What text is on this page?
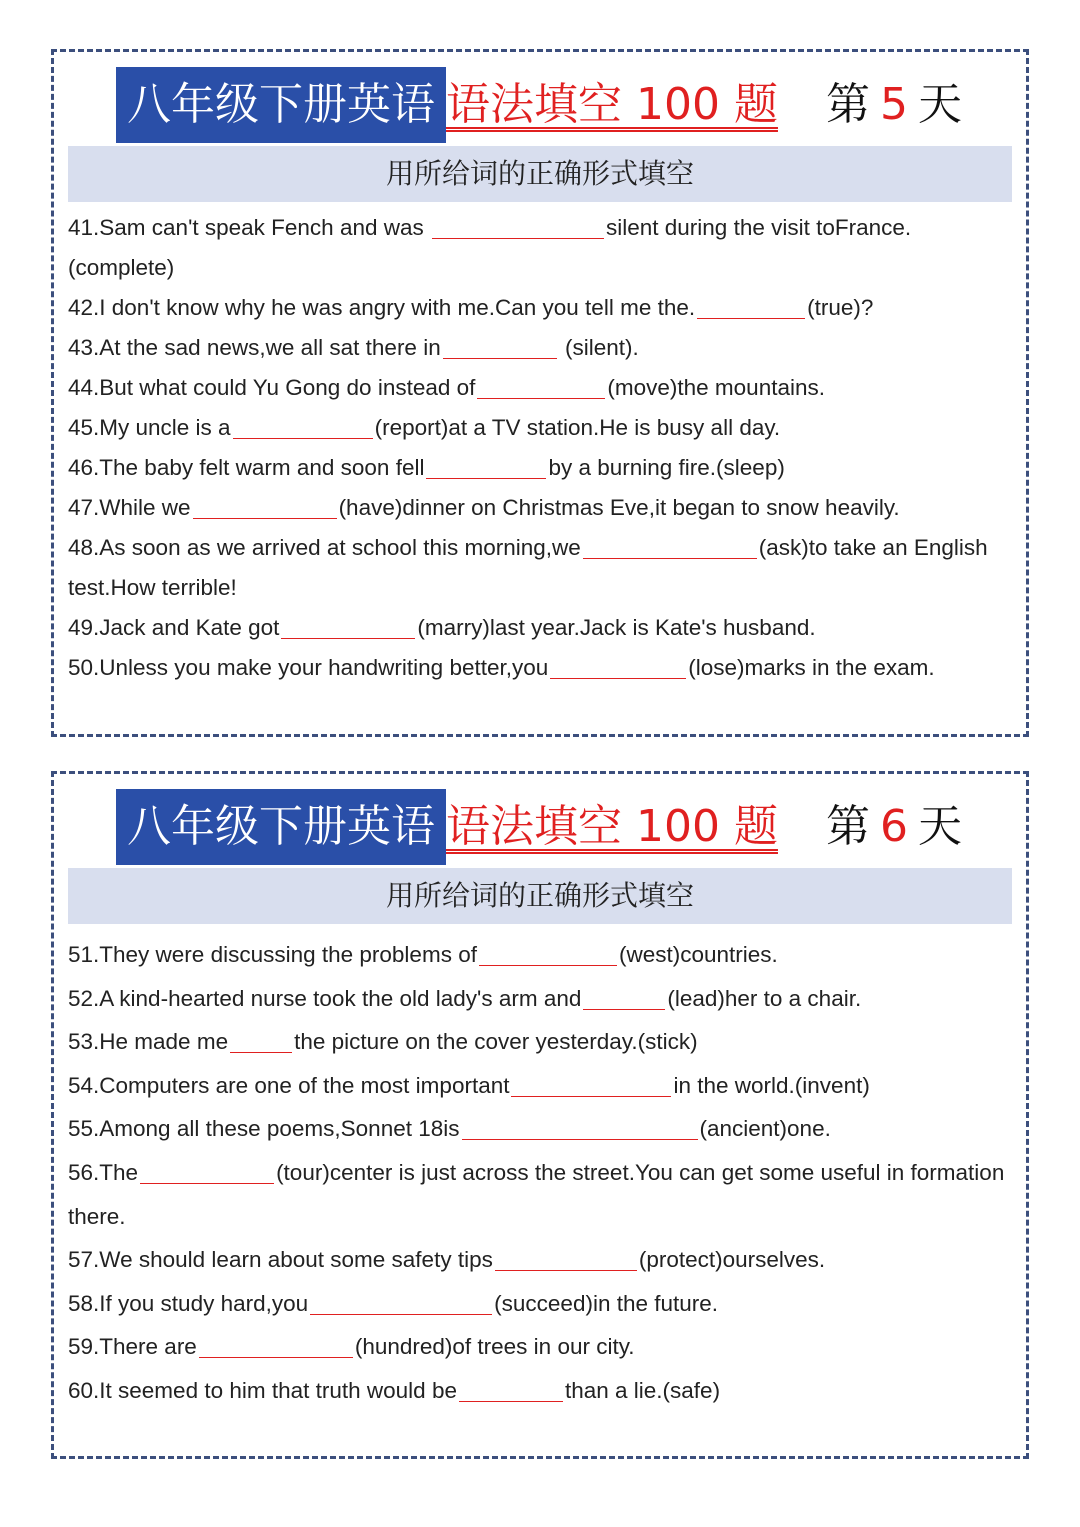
八年级下册英语 语法填空 100 题 第 5 天
用所给词的正确形式填空

41.Sam can't speak Fench and was	silent during the visit toFrance.(complete)

42.I don't know why he was angry with me.Can you tell me the.	(true)?

43.At the sad news,we all sat there in	(silent).

44.But what could Yu Gong do instead of	(move)the mountains.

45.My uncle is a	(report)at a TV station.He is busy all day.

46.The baby felt warm and soon fell	by a burning fire.(sleep)

47.While we	(have)dinner on Christmas Eve,it began to snow heavily.

48.As soon as we arrived at school this morning,we	(ask)to take an English test.How terrible!

49.Jack and Kate got	(marry)last year.Jack is Kate's husband.

50.Unless you make your handwriting better,you	(lose)marks in the exam.

八年级下册英语 语法填空 100 题 第 6 天
用所给词的正确形式填空

51.They were discussing the problems of	(west)countries.

52.A kind-hearted nurse took the old lady's arm and	(lead)her to a chair.

53.He made me	the picture on the cover yesterday.(stick)

54.Computers are one of the most important	in the world.(invent)

55.Among all these poems,Sonnet 18is	(ancient)one.

56.The	(tour)center is just across the street.You can get some useful in formation there.

57.We should learn about some safety tips	(protect)ourselves.

58.If you study hard,you	(succeed)in the future.

59.There are	(hundred)of trees in our city.

60.It seemed to him that truth would be	than a lie.(safe)
